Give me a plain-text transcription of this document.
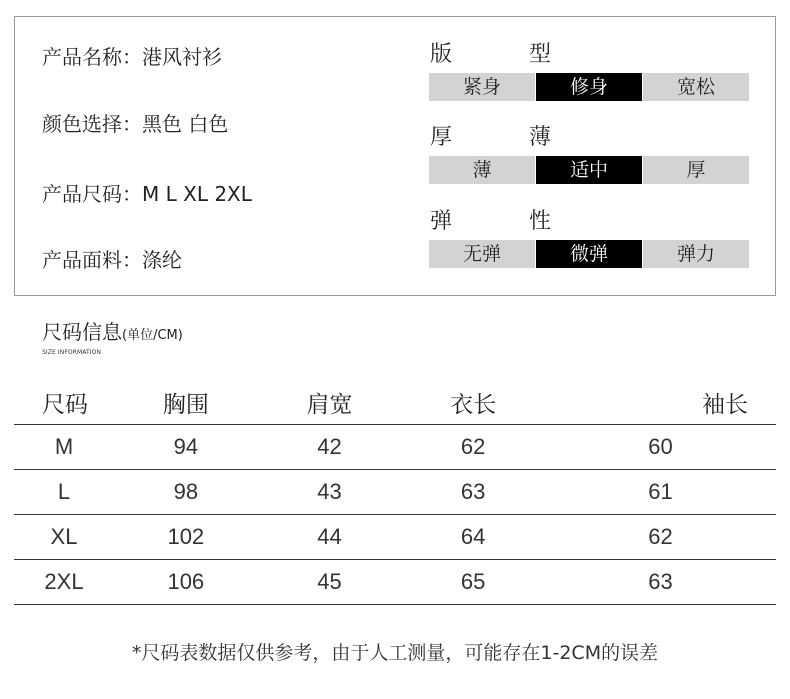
产品名称：港风衬衫
颜色选择：黑色 白色
产品尺码：M L XL 2XL
产品面料：涤纶
版	型
紧身	修身	宽松
厚	薄
薄	适中	厚
弹	性
无弹	微弹	弹力
尺码信息(单位/CM)
SIZE INFORMATION
尺码	胸围	肩宽	衣长	袖长
M	94	42	62	60
L	98	43	63	61
XL	102	44	64	62
2XL	106	45	65	63
*尺码表数据仅供参考，由于人工测量，可能存在1-2CM的误差
